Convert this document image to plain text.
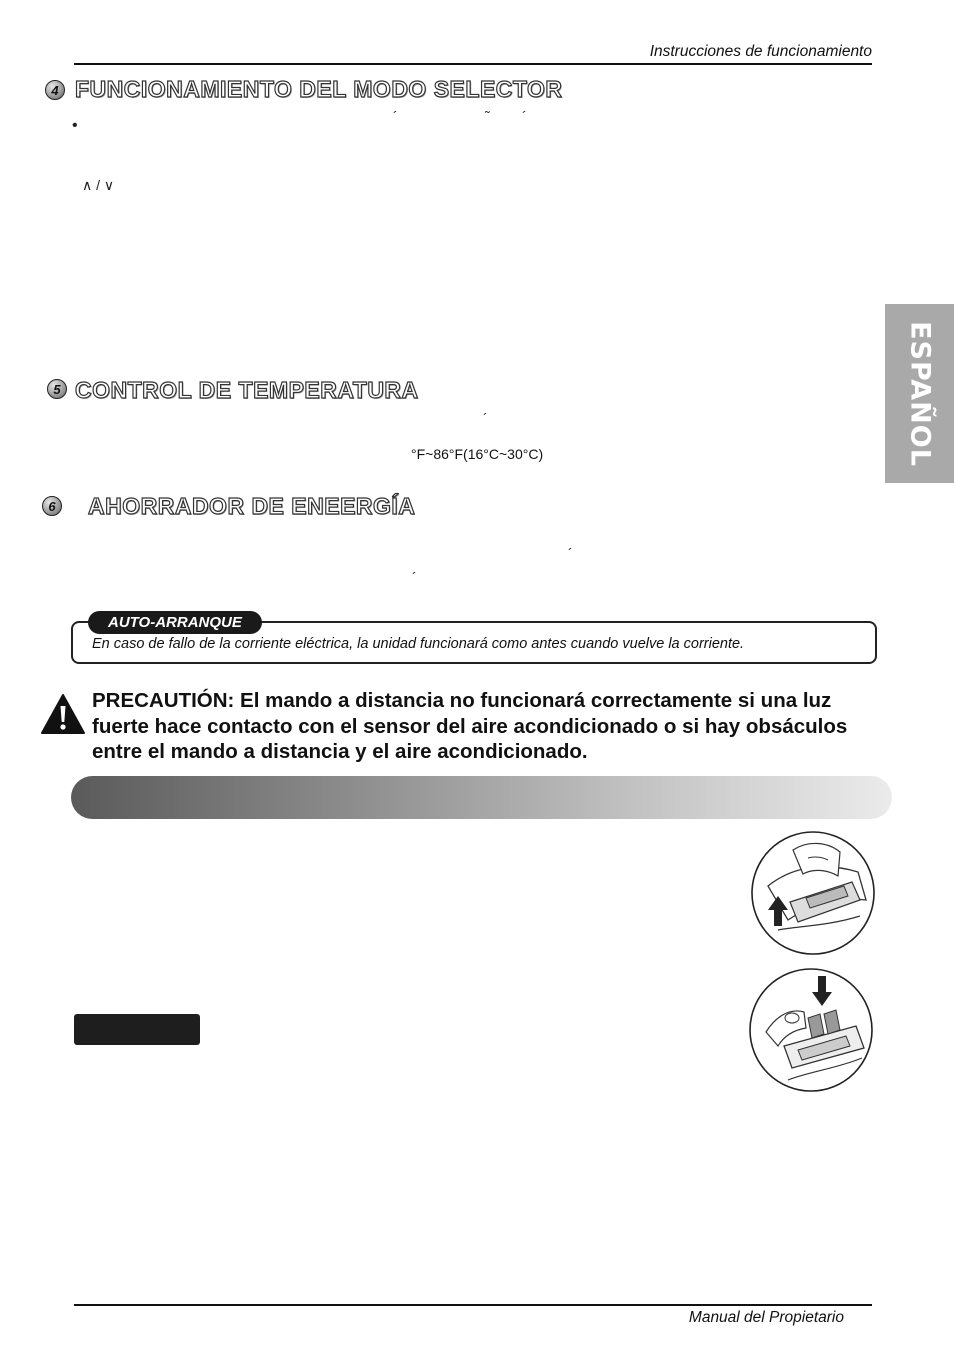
Instrucciones de funcionamiento
4 FUNCIONAMIENTO DEL MODO SELECTOR
•
´	˜ ´
∧ / ∨
ESPAÑOL
5 CONTROL DE TEMPERATURA
´
°F~86°F(16°C~30°C)
6 AHORRADOR DE ENEERGÍA
´
´
AUTO-ARRANQUE
En caso de fallo de la corriente eléctrica, la unidad funcionará como antes cuando vuelve la corriente.
PRECAUTIÓN: El mando a distancia no funcionará correctamente si una luz fuerte hace contacto con el sensor del aire acondicionado o si hay obsáculos entre el mando a distancia y el aire acondicionado.
Manual del Propietario
